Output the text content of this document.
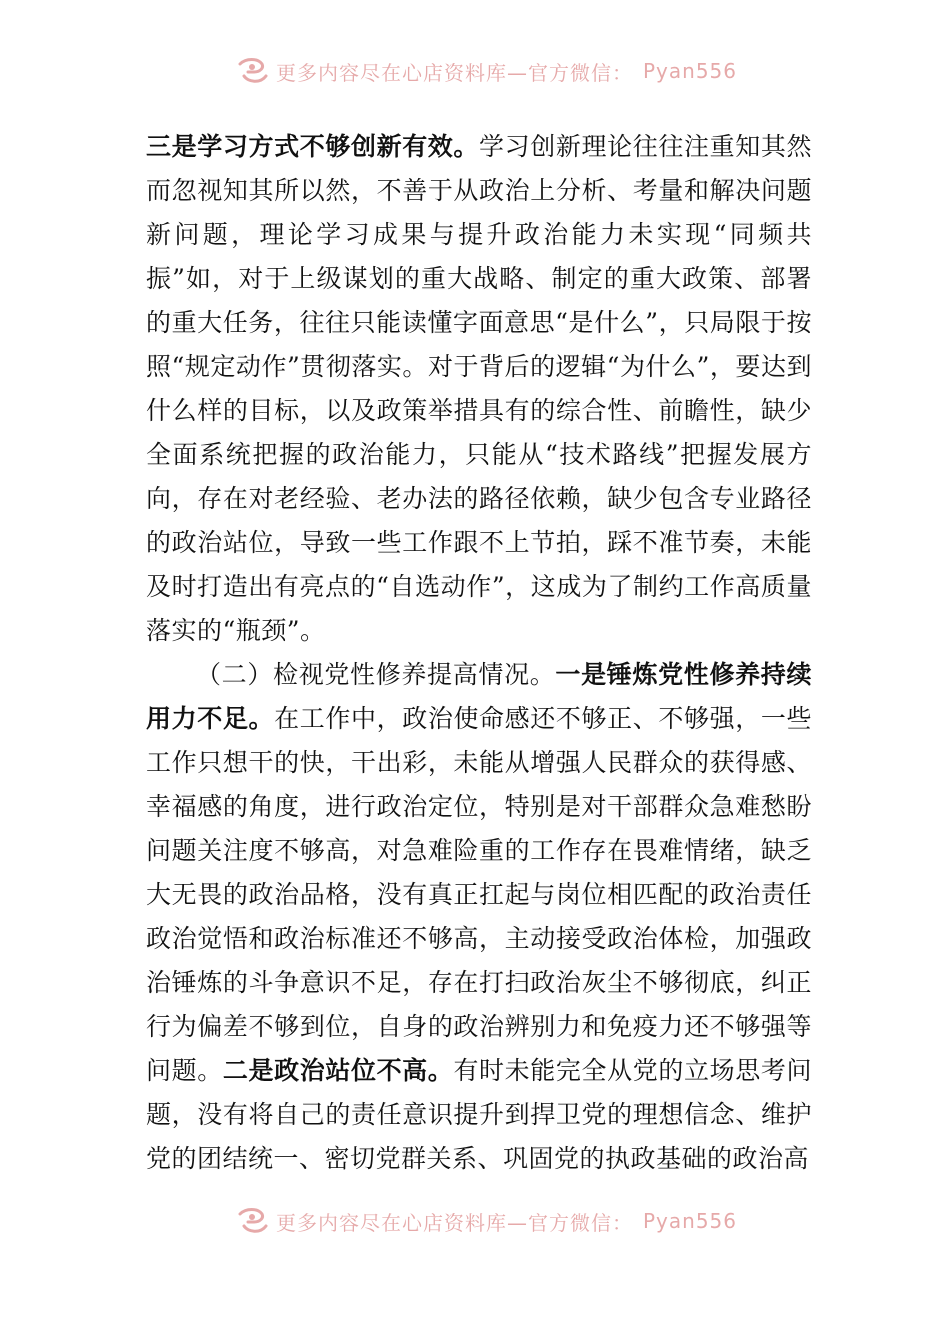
更多内容尽在心店资料库—官方微信： Pyan556

三是学习方式不够创新有效。学习创新理论往往注重知其然而忽视知其所以然，不善于从政治上分析、考量和解决问题新问题，理论学习成果与提升政治能力未实现“同频共振”如，对于上级谋划的重大战略、制定的重大政策、部署的重大任务，往往只能读懂字面意思“是什么”，只局限于按照“规定动作”贯彻落实。对于背后的逻辑“为什么”，要达到什么样的目标，以及政策举措具有的综合性、前瞻性，缺少全面系统把握的政治能力，只能从“技术路线”把握发展方向，存在对老经验、老办法的路径依赖，缺少包含专业路径的政治站位，导致一些工作跟不上节拍，踩不准节奏，未能及时打造出有亮点的“自选动作”，这成为了制约工作高质量落实的“瓶颈”。

（二）检视党性修养提高情况。一是锤炼党性修养持续用力不足。在工作中，政治使命感还不够正、不够强，一些工作只想干的快，干出彩，未能从增强人民群众的获得感、幸福感的角度，进行政治定位，特别是对干部群众急难愁盼问题关注度不够高，对急难险重的工作存在畏难情绪，缺乏大无畏的政治品格，没有真正扛起与岗位相匹配的政治责任政治觉悟和政治标准还不够高，主动接受政治体检，加强政治锤炼的斗争意识不足，存在打扫政治灰尘不够彻底，纠正行为偏差不够到位，自身的政治辨别力和免疫力还不够强等问题。二是政治站位不高。有时未能完全从党的立场思考问题，没有将自己的责任意识提升到捍卫党的理想信念、维护党的团结统一、密切党群关系、巩固党的执政基础的政治高

更多内容尽在心店资料库—官方微信： Pyan556
